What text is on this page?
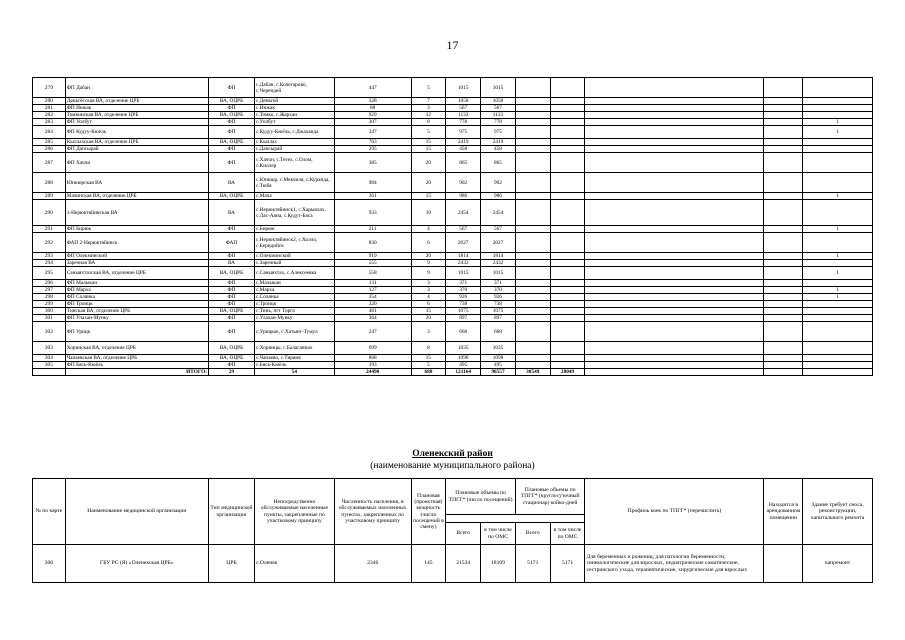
17
279	ФП Дабан	ФП	с.Дабан, с.Кочегарово, с.Черендей	447	5	1015	1015					
280	Деньгёсская ВА, отделение ЦРБ	ВА, ОЦРБ	с.Деньгей	328	7	1058	1058					
281	ФП Инжак	ФП	с.Инжак	88	3	567	567					
282	Томкинская ВА, отделение ЦРБ	ВА, ОЦРБ	с.Томко, с.Жархан	929	12	1133	1133					
283	ФП Уолбут	ФП	с.Уолбут	307	8	778	778					1
284	ФП Кудуу-Кюёль	ФП	с.Кудуу-Кюёль, с.Джаханда	347	5	975	975					1
285	Кыллахская ВА, отделение ЦРБ	ВА, ОЦРБ	с.Кыллах	763	15	2419	2419					
286	ФП Дапсырай	ФП	с.Дапсырай	295	15	458	458					
287	ФП Хаччи	ФП	с.Хаччи, с.Тегех, с.Олом, с.Киллер	385	20	865	865					
288	Юнкюрская ВА	ВА	с.Юнкюр, с.Мекчиля, с.Куранда, с.Тюбя	984	20	902	902					
289	Мачинская ВА, отделение ЦРБ	ВА, ОЦРБ	с.Мача	361	15	986	986					1
290	1-Нерюктяйинская ВА	ВА	с.Нерюктяйинск1, с.Харыялах, с.Лас-Аяна, с.Кудут-Бяса	933	10	2454	2454					
291	ФП Бирюк	ФП	с.Бирюк	211	4	567	567					1
292	ФАП 2-Нерюктяйинск	ФАП	с.Нерюктяйинск2, с.Холло, с.Беридийск	830	6	2027	2027					
293	ФП Олекминский	ФП	с.Олекминский	919	20	1814	1814					1
294	Заречная ВА	ВА	с.Заречный	555	9	2432	2432					
295	Саныяхтахская ВА, отделение ЦРБ	ВА, ОЦРБ	с.Саныяхтах, с.Алексеевка	558	9	1015	1015					1
296	ФП Малыкан	ФП	с.Малыкан	131	3	371	371					
297	ФП Марха	ФП	с.Марха	127	3	370	370					1
298	ФП Солянка	ФП	с.Солянка	354	4	926	926					1
299	ФП Троицк	ФП	с.Троицк	320	6	738	738					
300	Тинская ВА, отделение ЦРБ	ВА, ОЦРБ	с.Тинь, пгт Торго	481	15	1075	1075					
301	ФП Улахан-Мунку	ФП	с.Улахан-Мунку	364	20	897	897					
302	ФП Урицк	ФП	с.Урицкое, с.Хатынг-Тумул	247	3	668	668					
303	Хоринская ВА, отделение ЦРБ	ВА, ОЦРБ	с.Хоринцы, с.Балаганнах	699	8	1035	1035					
304	Чапаевская ВА, отделение ЦРБ	ВА, ОЦРБ	с.Чапаево, с.Тиряня	868	15	1098	1098					
305	ФП Бясь-Кюёль	ФП	с.Бясь-Кюёль	193	5	495	495					
	ИТОГО:	29	54	24490	680	121164	98557	30549	28049			
Оленекский район
(наименование муниципального района)
№ по карте	Наименование медицинской организации	Тип медицинской организации	Непосредственно обслуживаемые населенные пункты, закрепленные по участковому принципу	Численность населения, в обслуживаемых населенных пунктах, закрепленных по участковому принципу	Плановая (проектная) мощность (число посещений в смену)	Плановые объемы по ТПГГ* (число посещений)		Плановые объемы по ТПГГ* (круглосуточный стационар) койко-дней		Профиль коек по ТПГГ* (перечислить)	Находится в арендованном помещении	Здание требует сноса, реконструкции, капитального ремонта

						Всего	в том числе по ОМС	Всего	в том числе по ОМС			
306	ГБУ РС (Я) «Оленекская ЦРБ»	ЦРБ	с.Оленек	2346	145	21534	18109	5171	5171	Для беременных и рожениц, для патологии беременности, гинекологические для взрослых, педиатрические соматические, сестринского ухода, терапевтические, хирургические для взрослых		капремонт
